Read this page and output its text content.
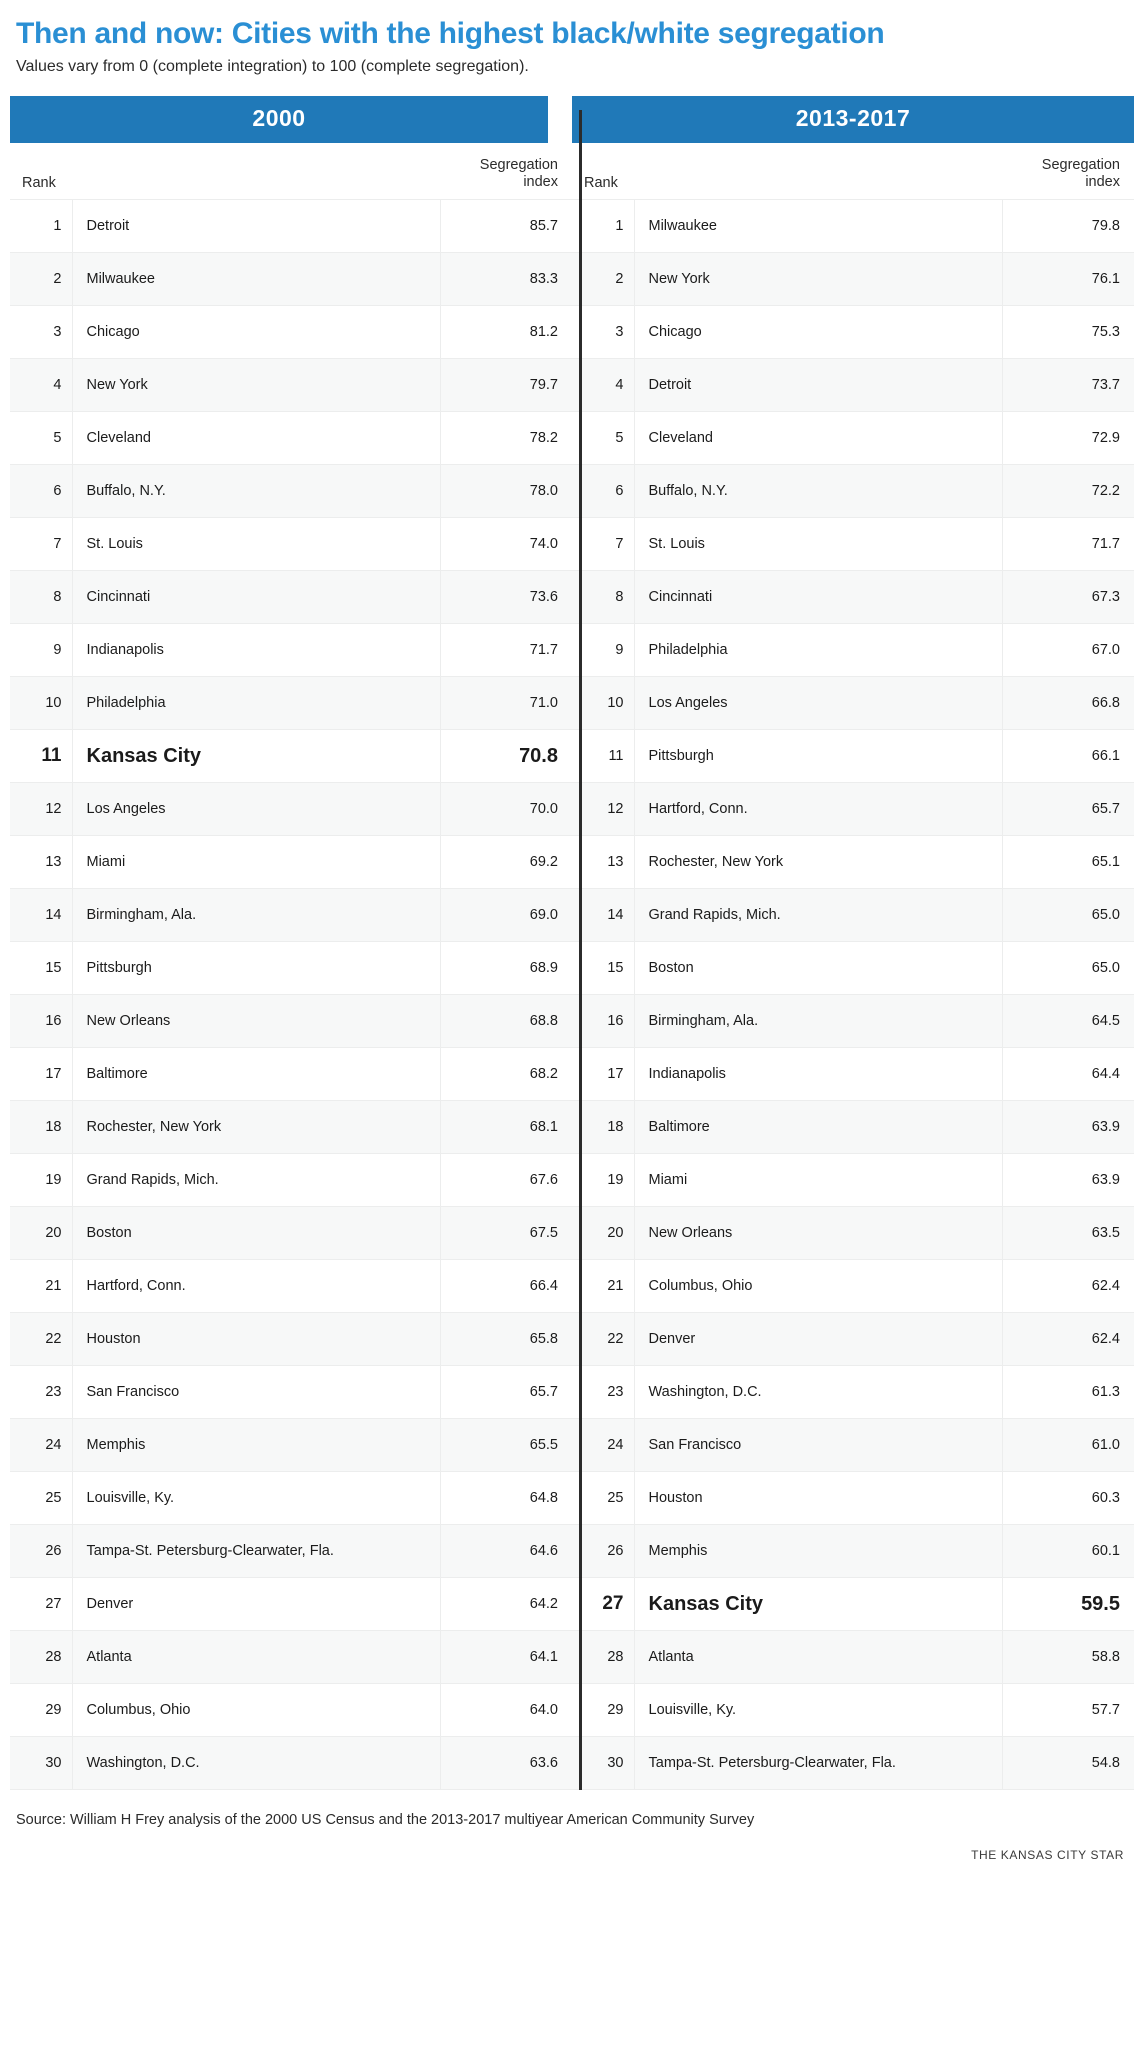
Then and now: Cities with the highest black/white segregation
Values vary from 0 (complete integration) to 100 (complete segregation).
2000
Rank		Segregation
index
1	Detroit	85.7
2	Milwaukee	83.3
3	Chicago	81.2
4	New York	79.7
5	Cleveland	78.2
6	Buffalo, N.Y.	78.0
7	St. Louis	74.0
8	Cincinnati	73.6
9	Indianapolis	71.7
10	Philadelphia	71.0
11	Kansas City	70.8
12	Los Angeles	70.0
13	Miami	69.2
14	Birmingham, Ala.	69.0
15	Pittsburgh	68.9
16	New Orleans	68.8
17	Baltimore	68.2
18	Rochester, New York	68.1
19	Grand Rapids, Mich.	67.6
20	Boston	67.5
21	Hartford, Conn.	66.4
22	Houston	65.8
23	San Francisco	65.7
24	Memphis	65.5
25	Louisville, Ky.	64.8
26	Tampa-St. Petersburg-Clearwater, Fla.	64.6
27	Denver	64.2
28	Atlanta	64.1
29	Columbus, Ohio	64.0
30	Washington, D.C.	63.6
2013-2017
Rank		Segregation
index
1	Milwaukee	79.8
2	New York	76.1
3	Chicago	75.3
4	Detroit	73.7
5	Cleveland	72.9
6	Buffalo, N.Y.	72.2
7	St. Louis	71.7
8	Cincinnati	67.3
9	Philadelphia	67.0
10	Los Angeles	66.8
11	Pittsburgh	66.1
12	Hartford, Conn.	65.7
13	Rochester, New York	65.1
14	Grand Rapids, Mich.	65.0
15	Boston	65.0
16	Birmingham, Ala.	64.5
17	Indianapolis	64.4
18	Baltimore	63.9
19	Miami	63.9
20	New Orleans	63.5
21	Columbus, Ohio	62.4
22	Denver	62.4
23	Washington, D.C.	61.3
24	San Francisco	61.0
25	Houston	60.3
26	Memphis	60.1
27	Kansas City	59.5
28	Atlanta	58.8
29	Louisville, Ky.	57.7
30	Tampa-St. Petersburg-Clearwater, Fla.	54.8
Source: William H Frey analysis of the 2000 US Census and the 2013-2017 multiyear American Community Survey
THE KANSAS CITY STAR
